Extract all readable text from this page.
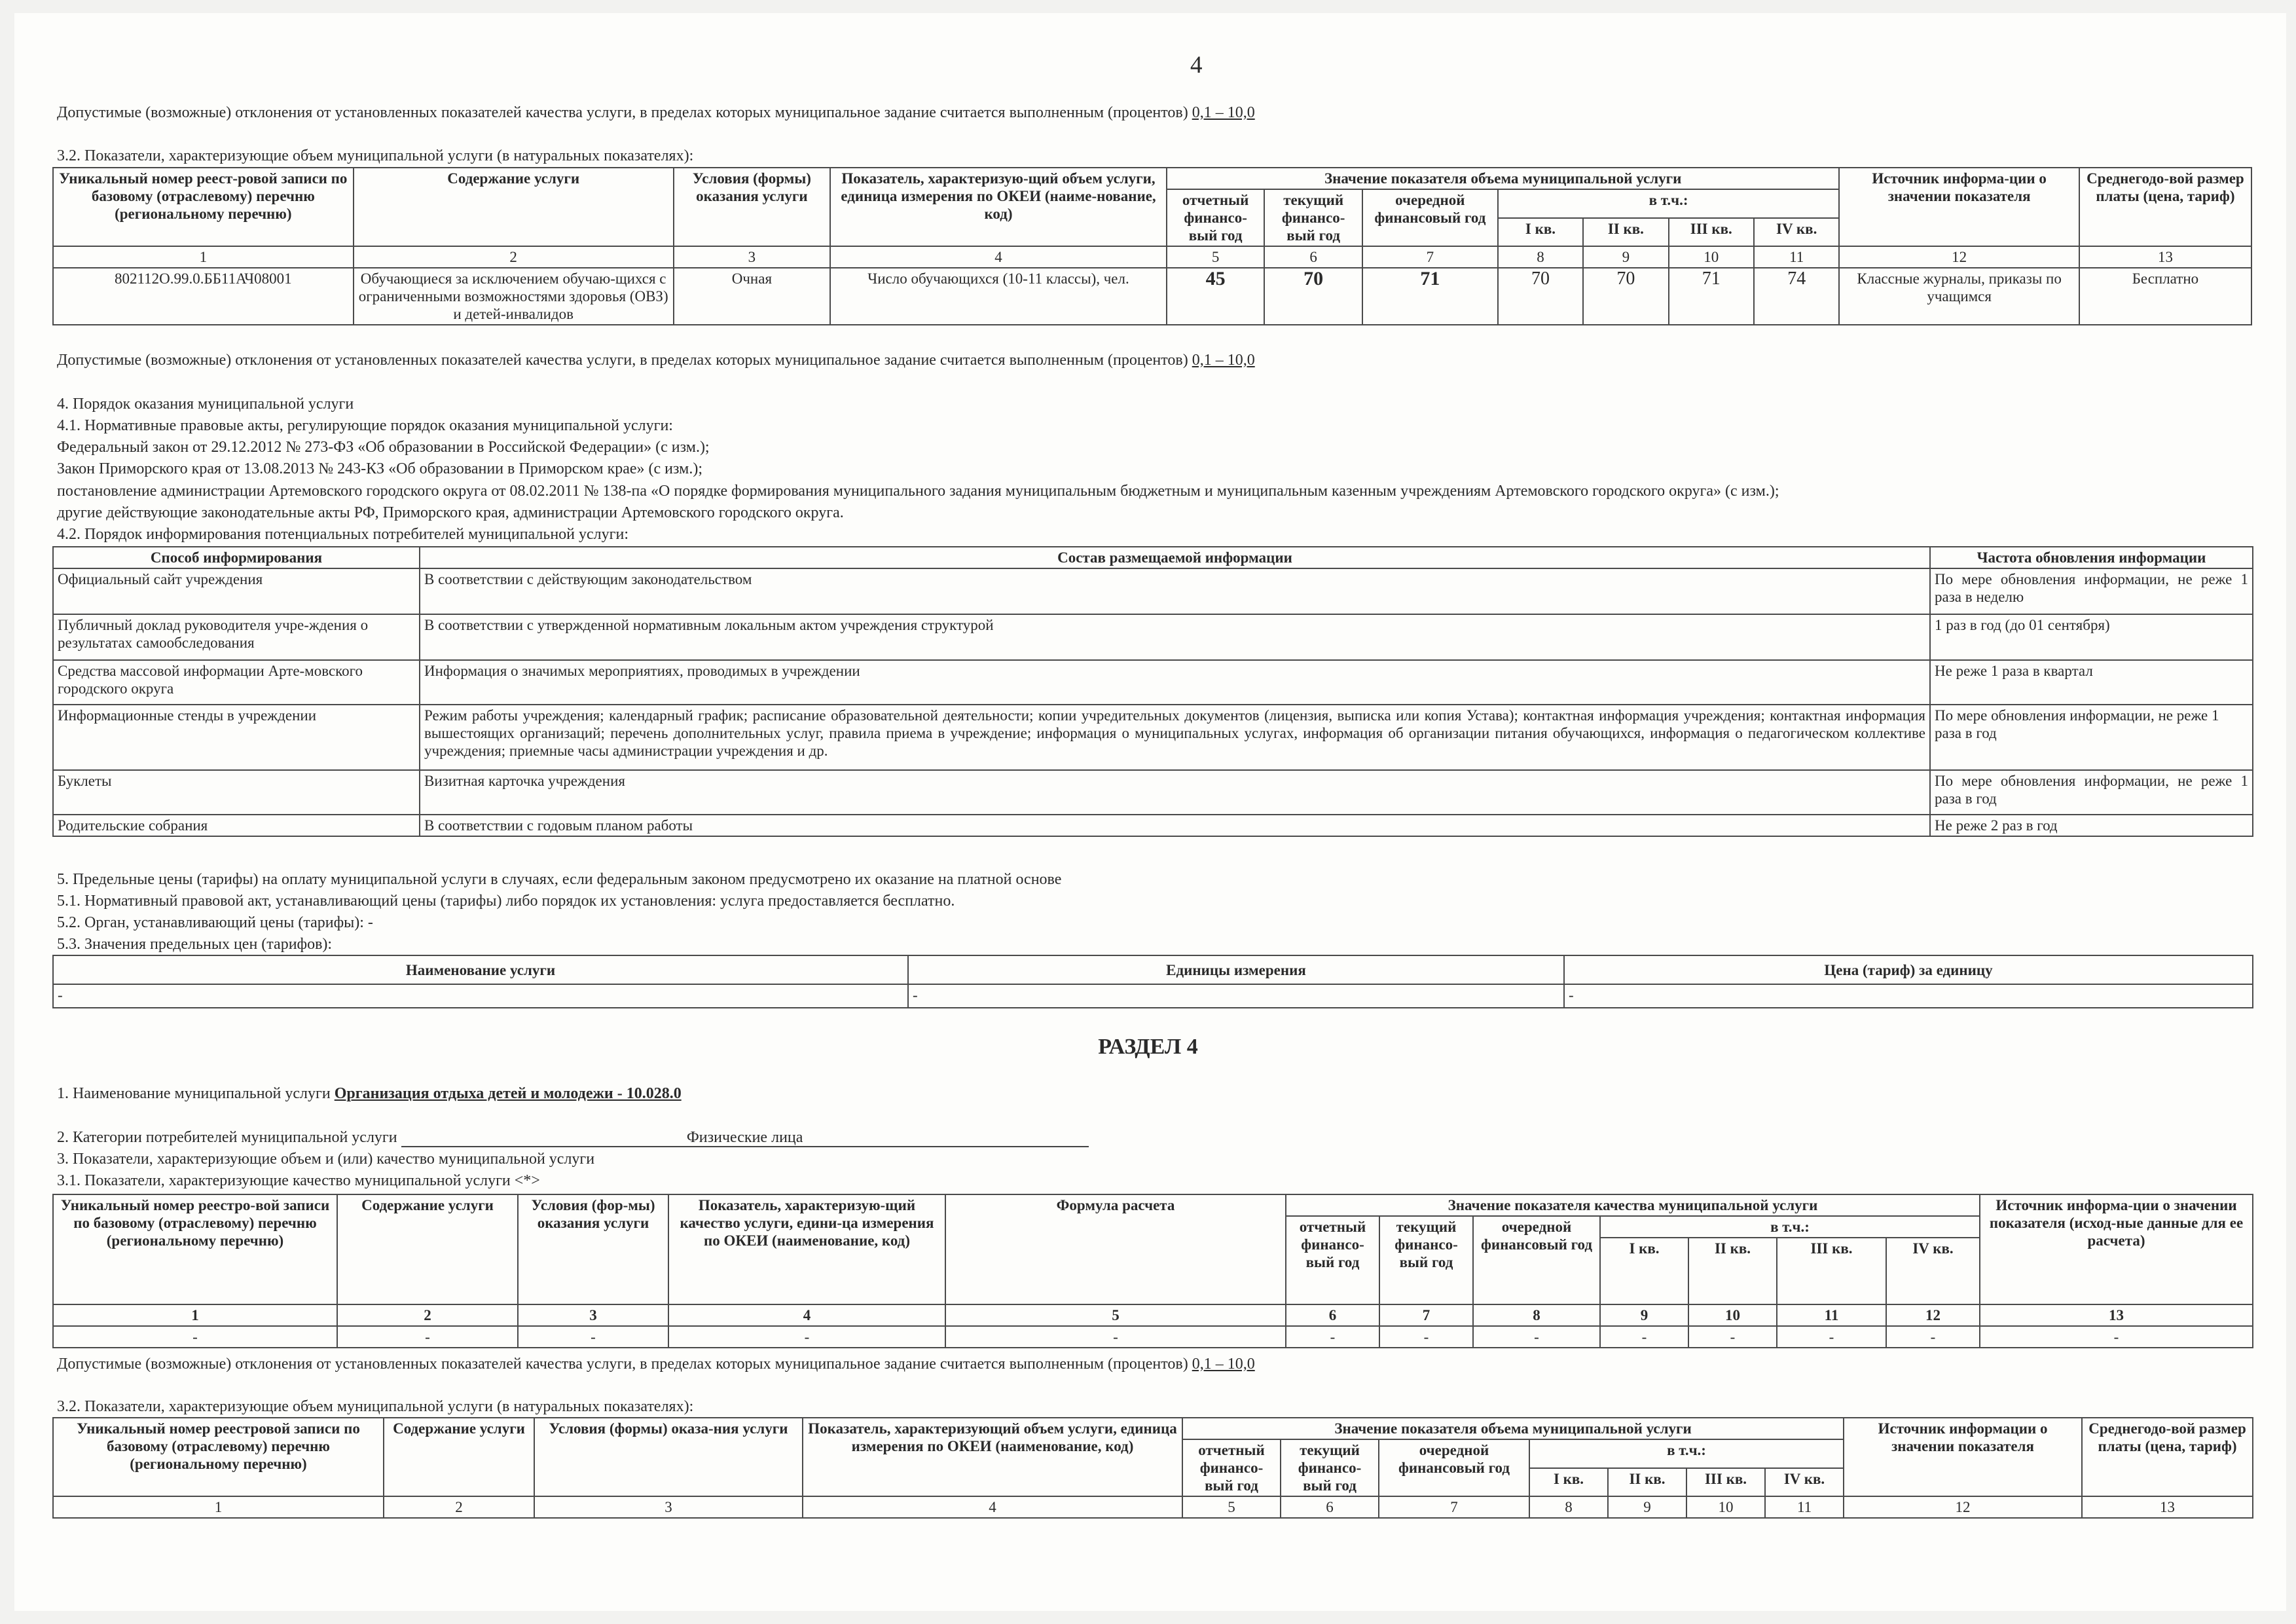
4
Допустимые (возможные) отклонения от установленных показателей качества услуги, в пределах которых муниципальное задание считается выполненным (процентов) 0,1 – 10,0
3.2. Показатели, характеризующие объем муниципальной услуги (в натуральных показателях):
Уникальный номер реест-ровой записи по базовому (отраслевому) перечню (региональному перечню)	Содержание услуги	Условия (формы) оказания услуги	Показатель, характеризую-щий объем услуги, единица измерения по ОКЕИ (наиме-нование, код)	Значение показателя объема муниципальной услуги							Источник информа-ции о значении показателя	Среднегодо-вой размер платы (цена, тариф)
				отчетный финансо-вый год	текущий финансо-вый год	очередной финансовый год	в т.ч.:					
							I кв.	II кв.	III кв.	IV кв.		
1	2	3	4	5	6	7	8	9	10	11	12	13
802112О.99.0.ББ11АЧ08001	Обучающиеся за исключением обучаю-щихся с ограниченными возможностями здоровья (ОВЗ) и детей-инвалидов	Очная	Число обучающихся (10-11 классы), чел.	45	70	71	70	70	71	74	Классные журналы, приказы по учащимся	Бесплатно
Допустимые (возможные) отклонения от установленных показателей качества услуги, в пределах которых муниципальное задание считается выполненным (процентов) 0,1 – 10,0
4. Порядок оказания муниципальной услуги
4.1. Нормативные правовые акты, регулирующие порядок оказания муниципальной услуги:
Федеральный закон от 29.12.2012 № 273-ФЗ «Об образовании в Российской Федерации» (с изм.);
Закон Приморского края от 13.08.2013 № 243-КЗ «Об образовании в Приморском крае» (с изм.);
постановление администрации Артемовского городского округа от 08.02.2011 № 138-па «О порядке формирования муниципального задания муниципальным бюджетным и муниципальным казенным учреждениям Артемовского городского округа» (с изм.);
другие действующие законодательные акты РФ, Приморского края, администрации Артемовского городского округа.
4.2. Порядок информирования потенциальных потребителей муниципальной услуги:
Способ информирования	Состав размещаемой информации	Частота обновления информации
Официальный сайт учреждения	В соответствии с действующим законодательством	По мере обновления информации, не реже 1 раза в неделю
Публичный доклад руководителя учре-ждения о результатах самообследования	В соответствии с утвержденной нормативным локальным актом учреждения структурой	1 раз в год (до 01 сентября)
Средства массовой информации Арте-мовского городского округа	Информация о значимых мероприятиях, проводимых в учреждении	Не реже 1 раза в квартал
Информационные стенды в учреждении	Режим работы учреждения; календарный график; расписание образовательной деятельности; копии учредительных документов (лицензия, выписка или копия Устава); контактная информация учреждения; контактная информация вышестоящих организаций; перечень дополнительных услуг, правила приема в учреждение; информация о муниципальных услугах, информация об организации питания обучающихся, информация о педагогическом коллективе учреждения; приемные часы администрации учреждения и др.	По мере обновления информации, не реже 1 раза в год
Буклеты	Визитная карточка учреждения	По мере обновления информации, не реже 1 раза в год
Родительские собрания	В соответствии с годовым планом работы	Не реже 2 раз в год
5. Предельные цены (тарифы) на оплату муниципальной услуги в случаях, если федеральным законом предусмотрено их оказание на платной основе
5.1. Нормативный правовой акт, устанавливающий цены (тарифы) либо порядок их установления: услуга предоставляется бесплатно.
5.2. Орган, устанавливающий цены (тарифы): -
5.3. Значения предельных цен (тарифов):
Наименование услуги	Единицы измерения	Цена (тариф) за единицу
-	-	-
РАЗДЕЛ 4
1. Наименование муниципальной услуги Организация отдыха детей и молодежи - 10.028.0
2. Категории потребителей муниципальной услуги	Физические лица
3. Показатели, характеризующие объем и (или) качество муниципальной услуги
3.1. Показатели, характеризующие качество муниципальной услуги <*>
Уникальный номер реестро-вой записи по базовому (отраслевому) перечню (региональному перечню)	Содержание услуги	Условия (фор-мы) оказания услуги	Показатель, характеризую-щий качество услуги, едини-ца измерения по ОКЕИ (наименование, код)	Формула расчета	Значение показателя качества муниципальной услуги							Источник информа-ции о значении показателя (исход-ные данные для ее расчета)
					отчетный финансо-вый год	текущий финансо-вый год	очередной финансовый год	в т.ч.:				
								I кв.	II кв.	III кв.	IV кв.	
1	2	3	4	5	6	7	8	9	10	11	12	13
-	-	-	-	-	-	-	-	-	-	-	-	-
Допустимые (возможные) отклонения от установленных показателей качества услуги, в пределах которых муниципальное задание считается выполненным (процентов) 0,1 – 10,0
3.2. Показатели, характеризующие объем муниципальной услуги (в натуральных показателях):
Уникальный номер реестровой записи по базовому (отраслевому) перечню (региональному перечню)	Содержание услуги	Условия (формы) оказа-ния услуги	Показатель, характеризующий объем услуги, единица измерения по ОКЕИ (наименование, код)	Значение показателя объема муниципальной услуги							Источник информации о значении показателя	Среднегодо-вой размер платы (цена, тариф)
				отчетный финансо-вый год	текущий финансо-вый год	очередной финансовый год	в т.ч.:					
							I кв.	II кв.	III кв.	IV кв.		
1	2	3	4	5	6	7	8	9	10	11	12	13
